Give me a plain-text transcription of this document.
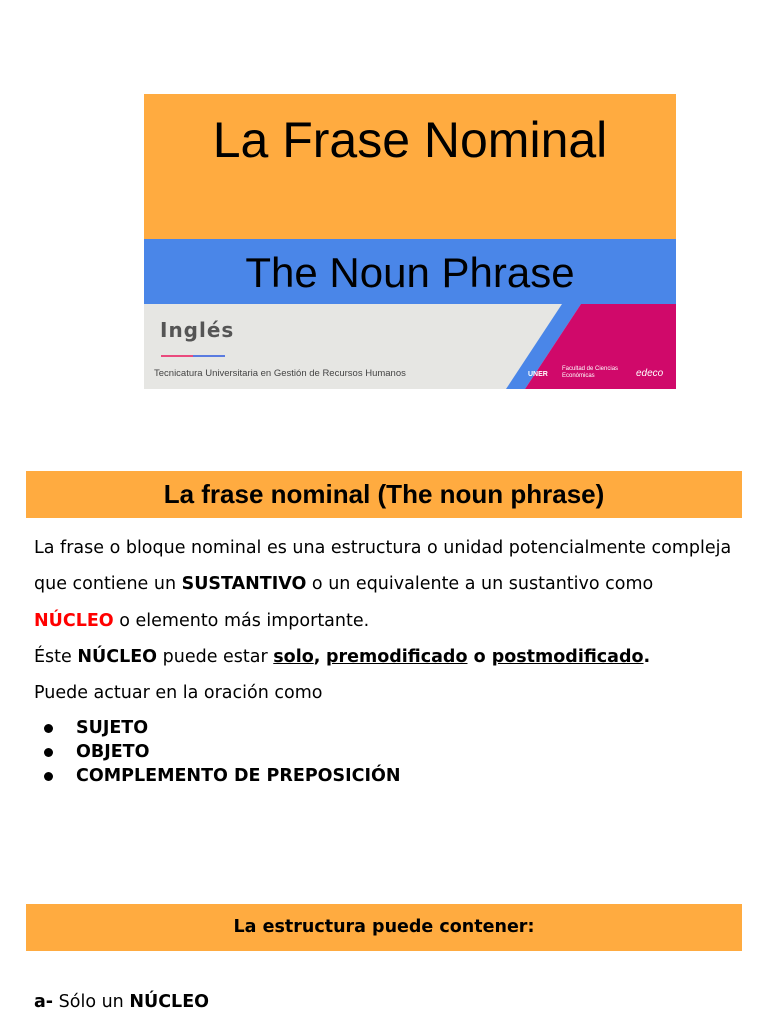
La Frase Nominal
The Noun Phrase
Inglés
Tecnicatura Universitaria en Gestión de Recursos Humanos	UNER
Facultad de Ciencias Económicas	edeco
La frase nominal (The noun phrase)

La frase o bloque nominal es una estructura o unidad potencialmente compleja que contiene un SUSTANTIVO o un equivalente a un sustantivo como NÚCLEO o elemento más importante.

Éste NÚCLEO puede estar solo, premodificado o postmodificado.

Puede actuar en la oración como

SUJETO
OBJETO
COMPLEMENTO DE PREPOSICIÓN
La estructura puede contener:
a- Sólo un NÚCLEO
